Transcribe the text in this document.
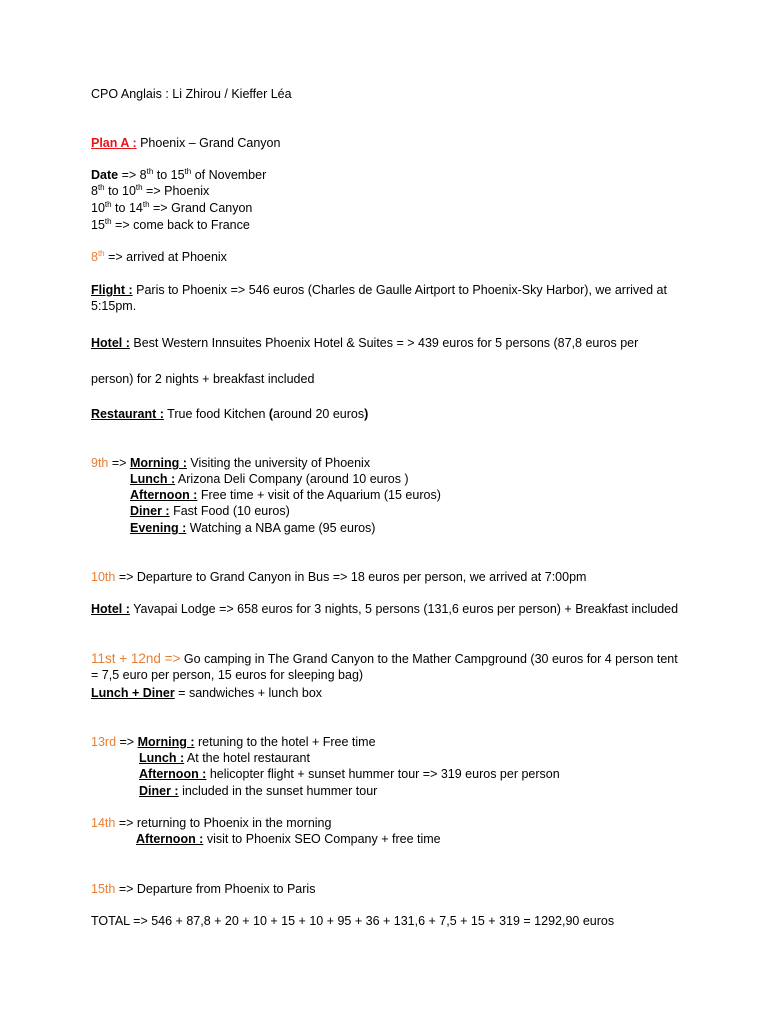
CPO Anglais : Li Zhirou / Kieffer Léa
Plan A : Phoenix – Grand Canyon
Date => 8th to 15th of November
8th to 10th => Phoenix
10th to 14th => Grand Canyon
15th => come back to France
8th => arrived at Phoenix
Flight : Paris to Phoenix => 546 euros (Charles de Gaulle Airtport to Phoenix-Sky Harbor), we arrived at 5:15pm.
Hotel : Best Western Innsuites Phoenix Hotel & Suites = > 439 euros for 5 persons (87,8 euros per
person) for 2 nights + breakfast included
Restaurant : True food Kitchen (around 20 euros)
9th => Morning : Visiting the university of Phoenix
Lunch : Arizona Deli Company (around 10 euros )
Afternoon : Free time + visit of the Aquarium (15 euros)
Diner : Fast Food (10 euros)
Evening : Watching a NBA game (95 euros)
10th => Departure to Grand Canyon in Bus => 18 euros per person, we arrived at 7:00pm
Hotel : Yavapai Lodge => 658 euros for 3 nights, 5 persons (131,6 euros per person) + Breakfast included
11st + 12nd => Go camping in The Grand Canyon to the Mather Campground (30 euros for 4 person tent = 7,5 euro per person, 15 euros for sleeping bag)
Lunch + Diner = sandwiches + lunch box
13rd => Morning : retuning to the hotel + Free time
Lunch : At the hotel restaurant
Afternoon : helicopter flight + sunset hummer tour => 319 euros per person
Diner : included in the sunset hummer tour
14th => returning to Phoenix in the morning
Afternoon : visit to Phoenix SEO Company + free time
15th => Departure from Phoenix to Paris
TOTAL => 546 + 87,8 + 20 + 10 + 15 + 10 + 95 + 36 + 131,6 + 7,5 + 15 + 319 = 1292,90 euros
